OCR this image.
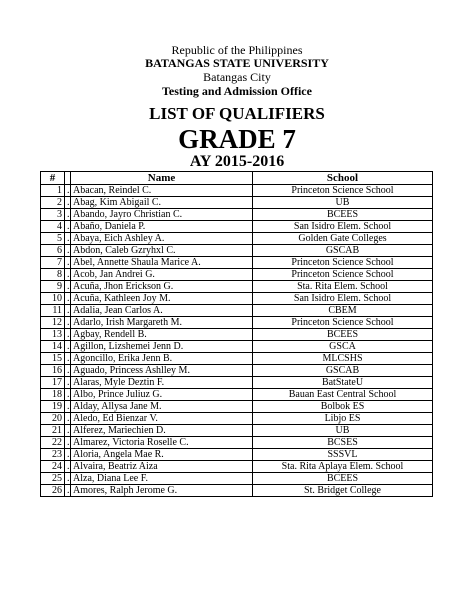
Republic of the Philippines
BATANGAS STATE UNIVERSITY
Batangas City
Testing and Admission Office
LIST OF QUALIFIERS
GRADE 7
AY 2015-2016
#		Name	School
1	.	Abacan, Reindel C.	Princeton Science School
2	.	Abag, Kim Abigail C.	UB
3	.	Abando, Jayro Christian C.	BCEES
4	.	Abaño, Daniela P.	San Isidro Elem. School
5	.	Abaya, Eich Ashley A.	Golden Gate Colleges
6	.	Abdon, Caleb Gzryhxl C.	GSCAB
7	.	Abel, Annette Shaula Marice A.	Princeton Science School
8	.	Acob, Jan Andrei G.	Princeton Science School
9	.	Acuña, Jhon Erickson G.	Sta. Rita Elem. School
10	.	Acuña, Kathleen Joy M.	San Isidro Elem. School
11	.	Adalia, Jean Carlos A.	CBEM
12	.	Adarlo, Irish Margareth M.	Princeton Science School
13	.	Agbay, Rendell B.	BCEES
14	.	Agillon, Lizshemei Jenn D.	GSCA
15	.	Agoncillo, Erika Jenn B.	MLCSHS
16	.	Aguado, Princess Ashlley M.	GSCAB
17	.	Alaras, Myle Deztin F.	BatStateU
18	.	Albo, Prince Juliuz G.	Bauan East Central School
19	.	Alday, Allysa Jane M.	Bolbok ES
20	.	Aledo, Ed Bienzar V.	Libjo ES
21	.	Alferez, Mariechien D.	UB
22	.	Almarez, Victoria Roselle C.	BCSES
23	.	Aloria, Angela Mae R.	SSSVL
24	.	Alvaira, Beatriz Aiza	Sta. Rita Aplaya Elem. School
25	.	Alza, Diana Lee F.	BCEES
26	.	Amores, Ralph Jerome G.	St. Bridget College
